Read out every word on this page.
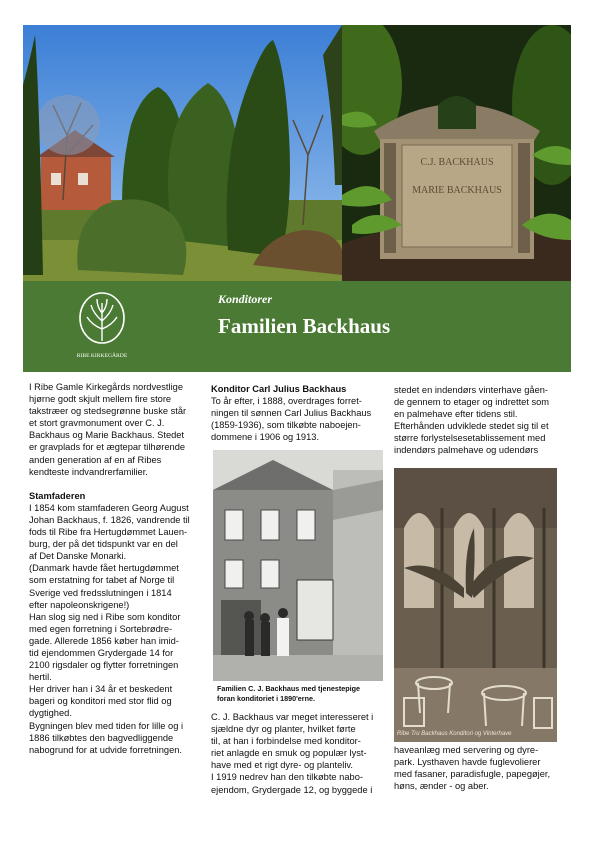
C.J. BACKHAUS
MARIE BACKHAUS
RIBE KIRKEGÅRDE
Konditorer
Familien Backhaus

I Ribe Gamle Kirkegårds nordvestlige

hjørne godt skjult mellem fire store

takstræer og stedsegrønne buske står

et stort gravmonument over C. J.

Backhaus og Marie Backhaus. Stedet

er gravplads for et ægtepar tilhørende

anden generation af en af Ribes

kendteste indvandrerfamilier.

Stamfaderen

I 1854 kom stamfaderen Georg August

Johan Backhaus, f. 1826, vandrende til

fods til Ribe fra Hertugdømmet Lauen-

burg, der på det tidspunkt var en del

af Det Danske Monarki.

(Danmark havde fået hertugdømmet

som erstatning for tabet af Norge til

Sverige ved fredsslutningen i 1814

efter napoleonskrigene!)

Han slog sig ned i Ribe som konditor

med egen forretning i Sortebrødre-

gade. Allerede 1856 køber han imid-

tid ejendommen Grydergade 14 for

2100 rigsdaler og flytter forretningen

hertil.

Her driver han i 34 år et beskedent

bageri og konditori med stor flid og

dygtighed.

Bygningen blev med tiden for lille og i

1886 tilkøbtes den bagvedliggende

nabogrund for at udvide forretningen.

Konditor Carl Julius Backhaus

To år efter, i 1888, overdrages forret-

ningen til sønnen Carl Julius Backhaus

(1859-1936), som tilkøbte naboejen-

dommene i 1906 og 1913.

Familien C. J. Backhaus med tjenestepige foran konditoriet i 1890'erne.

C. J. Backhaus var meget interesseret i

sjældne dyr og planter, hvilket førte

til, at han i forbindelse med konditor-

riet anlagde en smuk og populær lyst-

have med et rigt dyre- og planteliv.

I 1919 nedrev han den tilkøbte nabo-

ejendom, Grydergade 12, og byggede i

stedet en indendørs vinterhave gåen-

de gennem to etager og indrettet som

en palmehave efter tidens stil.

Efterhånden udviklede stedet sig til et

større forlystelsesetablissement med

indendørs palmehave og udendørs

Ribe Tru Backhaus Konditori og Vinterhave

haveanlæg med servering og dyre-

park. Lysthaven havde fuglevolierer

med fasaner, paradisfugle, papegøjer,

høns, ænder - og aber.
